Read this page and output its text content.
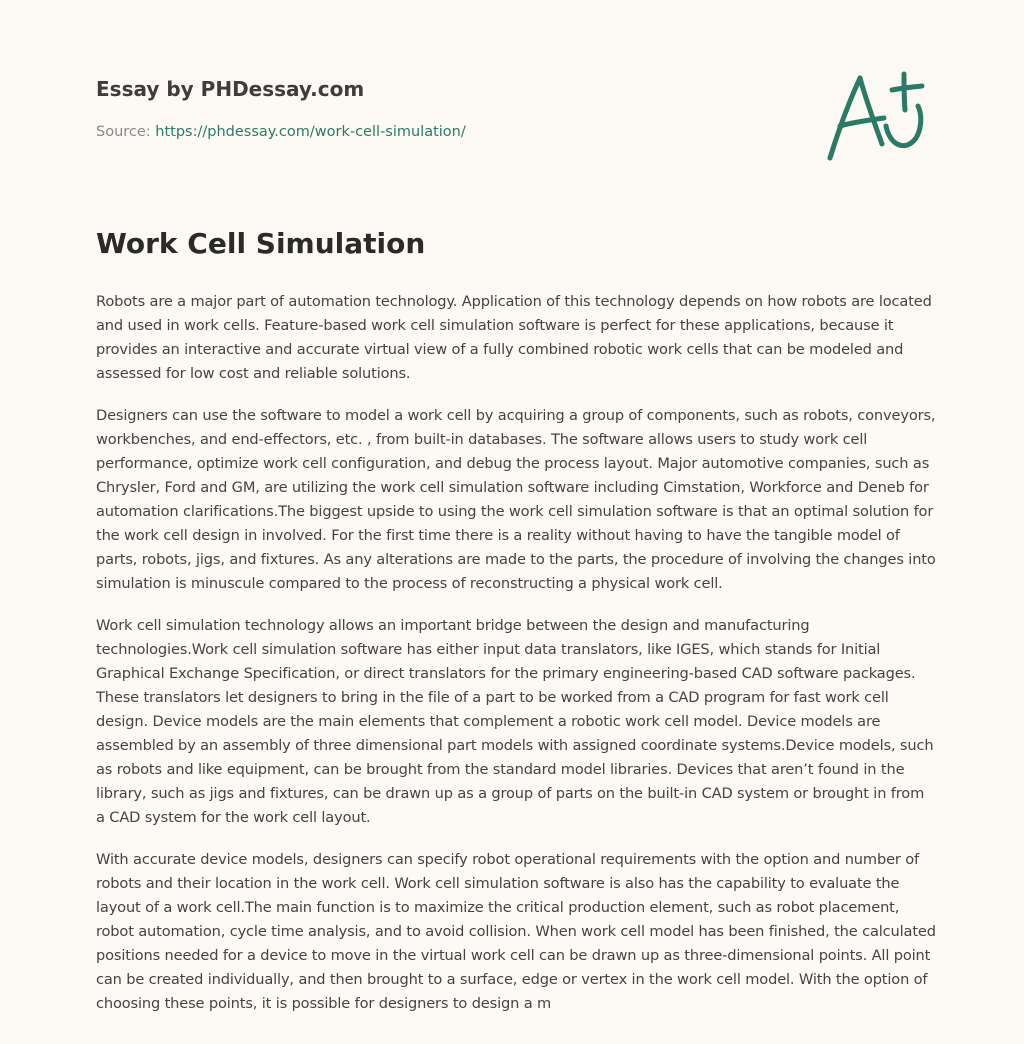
Essay by PHDessay.com
Source: https://phdessay.com/work-cell-simulation/
Work Cell Simulation

Robots are a major part of automation technology. Application of this technology depends on how robots are located and used in work cells. Feature-based work cell simulation software is perfect for these applications, because it provides an interactive and accurate virtual view of a fully combined robotic work cells that can be modeled and assessed for low cost and reliable solutions.

Designers can use the software to model a work cell by acquiring a group of components, such as robots, conveyors, workbenches, and end-effectors, etc. , from built-in databases. The software allows users to study work cell performance, optimize work cell configuration, and debug the process layout. Major automotive companies, such as Chrysler, Ford and GM, are utilizing the work cell simulation software including Cimstation, Workforce and Deneb for automation clarifications.The biggest upside to using the work cell simulation software is that an optimal solution for the work cell design in involved. For the first time there is a reality without having to have the tangible model of parts, robots, jigs, and fixtures. As any alterations are made to the parts, the procedure of involving the changes into simulation is minuscule compared to the process of reconstructing a physical work cell.

Work cell simulation technology allows an important bridge between the design and manufacturing technologies.Work cell simulation software has either input data translators, like IGES, which stands for Initial Graphical Exchange Specification, or direct translators for the primary engineering-based CAD software packages. These translators let designers to bring in the file of a part to be worked from a CAD program for fast work cell design. Device models are the main elements that complement a robotic work cell model. Device models are assembled by an assembly of three dimensional part models with assigned coordinate systems.Device models, such as robots and like equipment, can be brought from the standard model libraries. Devices that aren’t found in the library, such as jigs and fixtures, can be drawn up as a group of parts on the built-in CAD system or brought in from a CAD system for the work cell layout.

With accurate device models, designers can specify robot operational requirements with the option and number of robots and their location in the work cell. Work cell simulation software is also has the capability to evaluate the layout of a work cell.The main function is to maximize the critical production element, such as robot placement, robot automation, cycle time analysis, and to avoid collision. When work cell model has been finished, the calculated positions needed for a device to move in the virtual work cell can be drawn up as three-dimensional points. All point can be created individually, and then brought to a surface, edge or vertex in the work cell model. With the option of choosing these points, it is possible for designers to design a m
